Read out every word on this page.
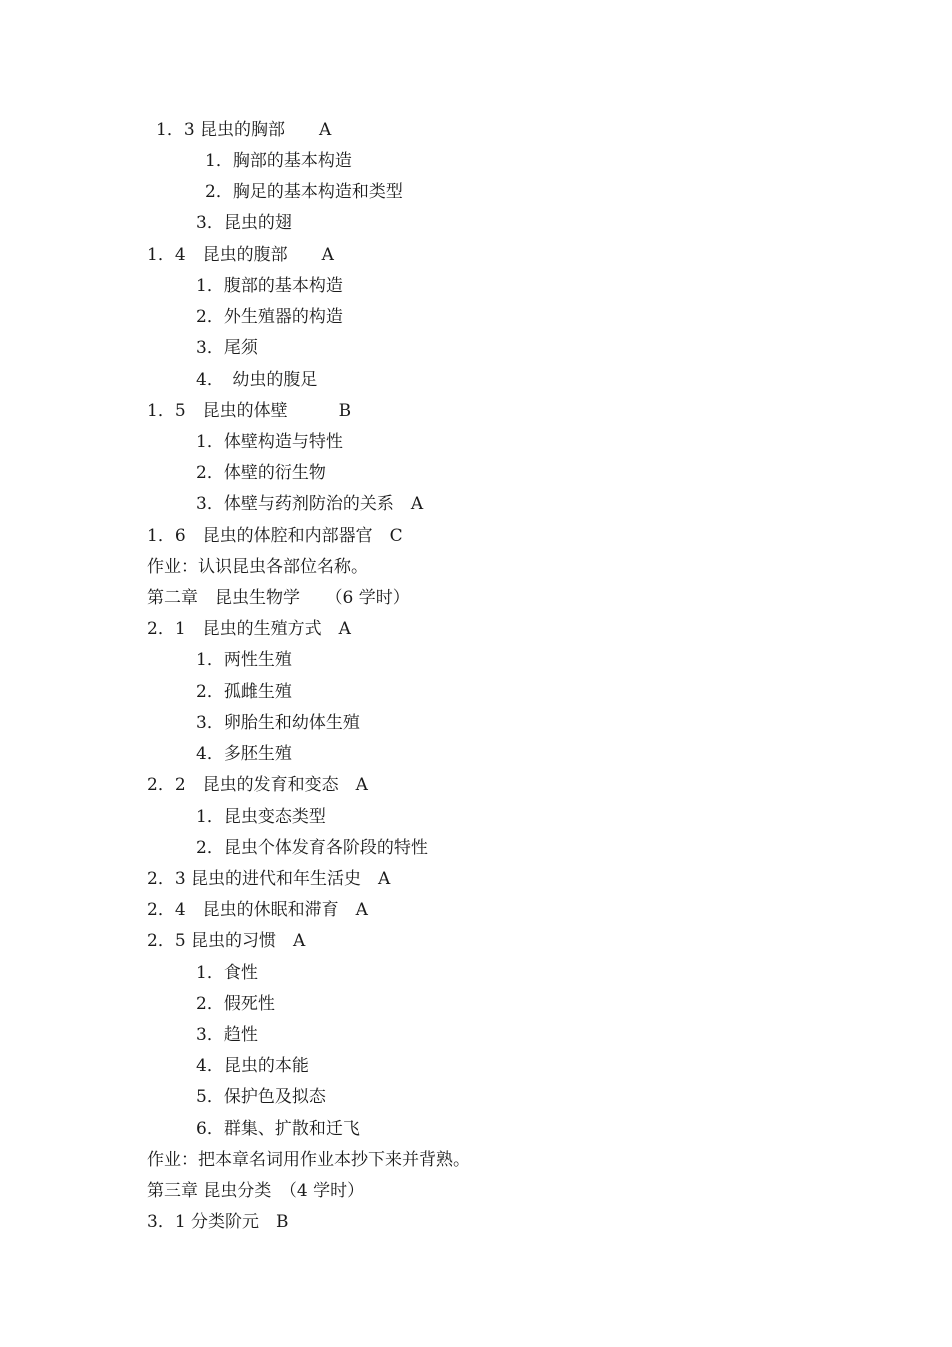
1．3 昆虫的胸部　　A
1．胸部的基本构造
2．胸足的基本构造和类型
3．昆虫的翅
1．4　昆虫的腹部　　A
1．腹部的基本构造
2．外生殖器的构造
3．尾须
4．　幼虫的腹足
1．5　昆虫的体壁　　　B
1．体壁构造与特性
2．体壁的衍生物
3．体壁与药剂防治的关系　A
1．6　昆虫的体腔和内部器官　C
作业：认识昆虫各部位名称。
第二章　昆虫生物学　　（6 学时）
2．1　昆虫的生殖方式　A
1．两性生殖
2．孤雌生殖
3．卵胎生和幼体生殖
4．多胚生殖
2．2　昆虫的发育和变态　A
1．昆虫变态类型
2．昆虫个体发育各阶段的特性
2．3 昆虫的进代和年生活史　A
2．4　昆虫的休眠和滞育　A
2．5 昆虫的习惯　A
1．食性
2．假死性
3．趋性
4．昆虫的本能
5．保护色及拟态
6．群集、扩散和迁飞
作业：把本章名词用作业本抄下来并背熟。
第三章 昆虫分类　（4 学时）
3．1 分类阶元　B
